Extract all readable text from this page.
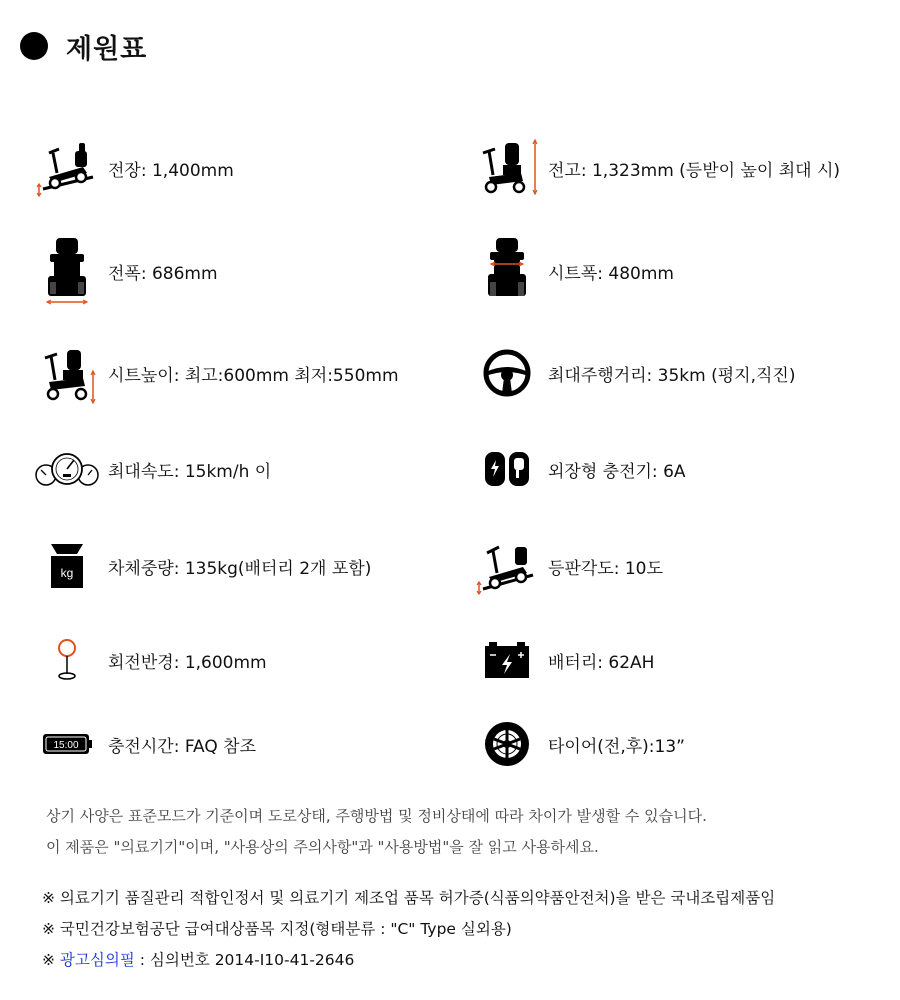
제원표
전장: 1,400mm	전고: 1,323mm (등받이 높이 최대 시)
전폭: 686mm	시트폭: 480mm
시트높이: 최고:600mm 최저:550mm	최대주행거리: 35km (평지,직진)
최대속도: 15km/h 이	외장형 충전기: 6A
kg 차체중량: 135kg(배터리 2개 포함)	등판각도: 10도
회전반경: 1,600mm	배터리: 62AH
15:00 충전시간: FAQ 참조	타이어(전,후):13”
상기 사양은 표준모드가 기준이며 도로상태, 주행방법 및 정비상태에 따라 차이가 발생할 수 있습니다.
이 제품은 "의료기기"이며, "사용상의 주의사항"과 "사용방법"을 잘 읽고 사용하세요.
※ 의료기기 품질관리 적합인정서 및 의료기기 제조업 품목 허가증(식품의약품안전처)을 받은 국내조립제품임
※ 국민건강보험공단 급여대상품목 지정(형태분류 : "C" Type 실외용)
※ 광고심의필 : 심의번호 2014-I10-41-2646
